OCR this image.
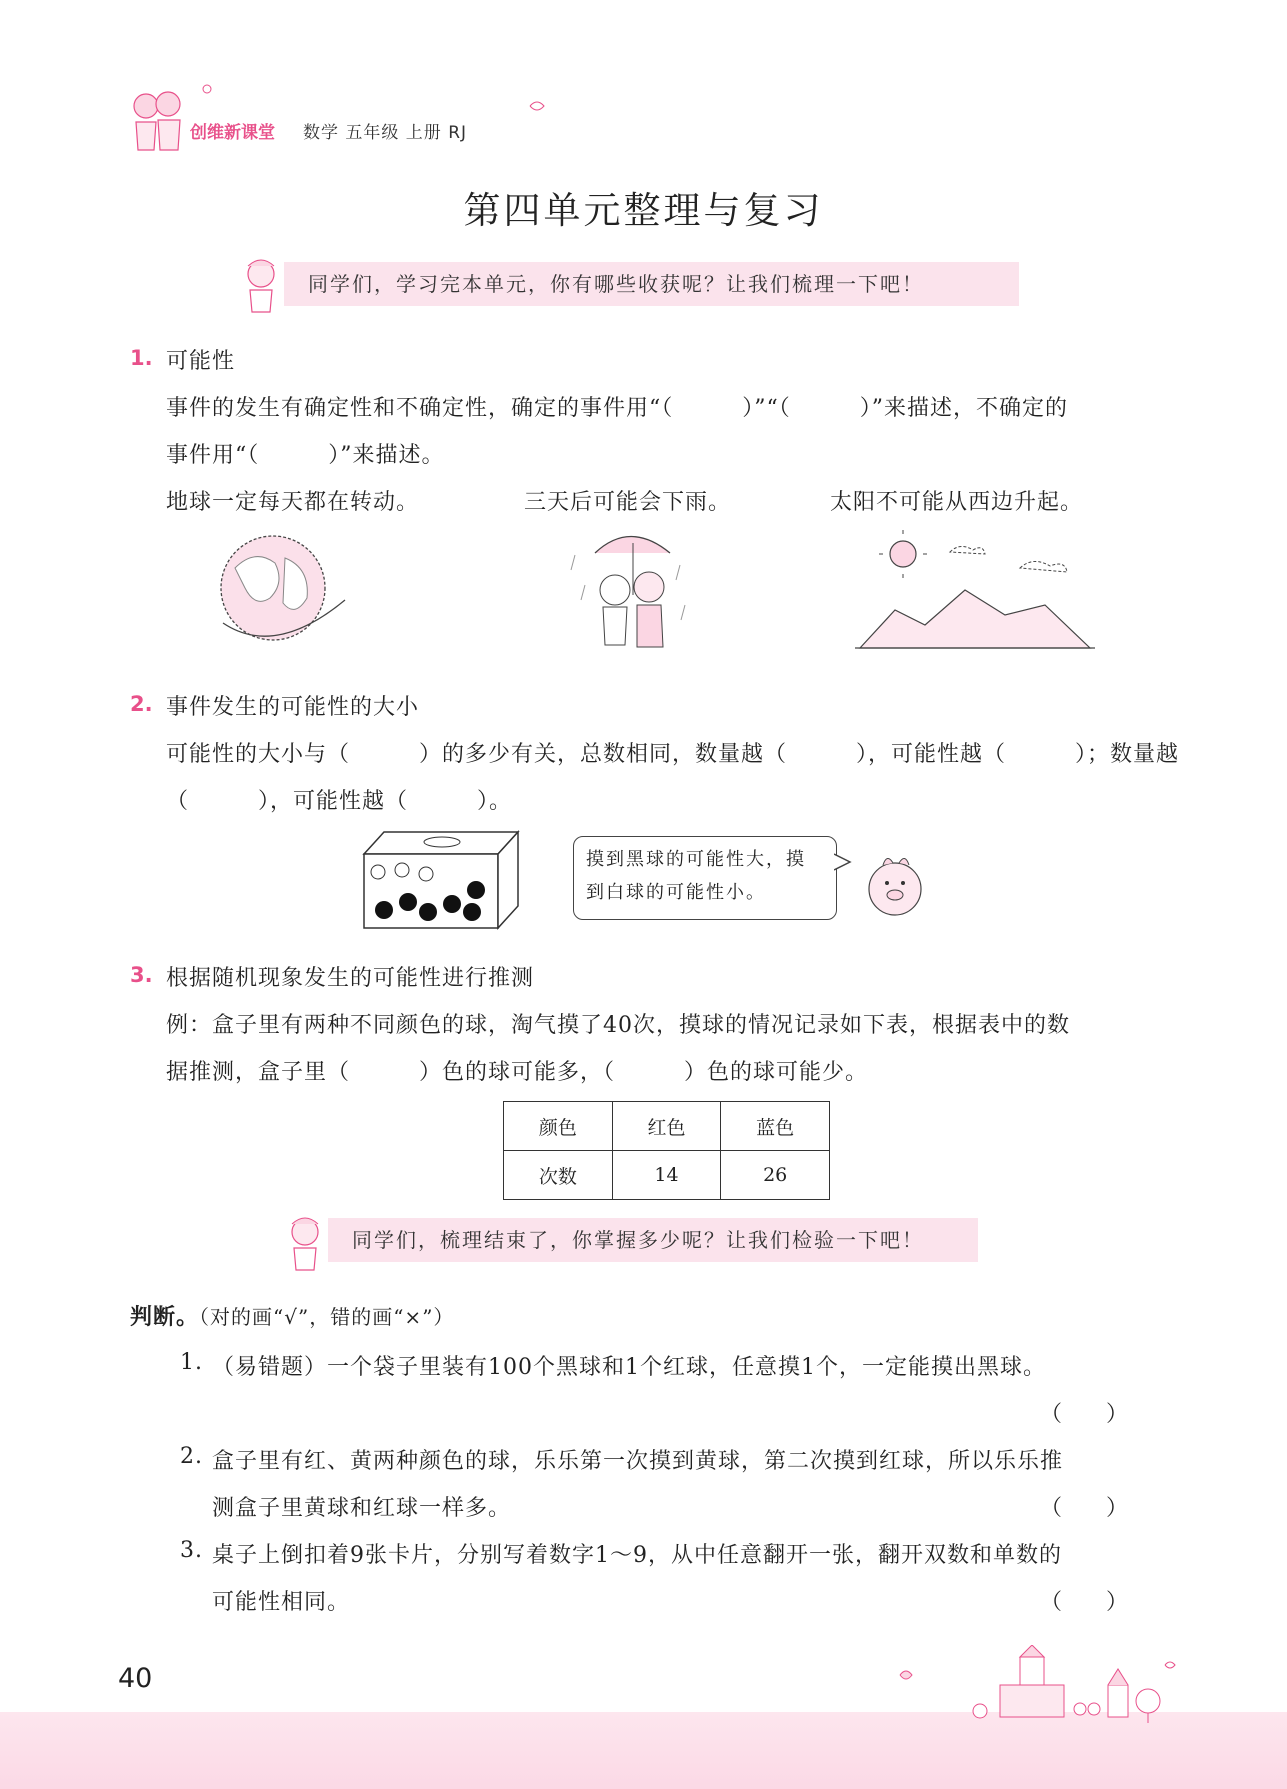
创维新课堂 数学 五年级 上册 RJ
第四单元整理与复习
同学们，学习完本单元，你有哪些收获呢？让我们梳理一下吧！
1. 可能性
事件的发生有确定性和不确定性，确定的事件用“（　　　）”“（　　　）”来描述，不确定的
事件用“（　　　）”来描述。
地球一定每天都在转动。	三天后可能会下雨。	太阳不可能从西边升起。
2. 事件发生的可能性的大小
可能性的大小与（　　　）的多少有关，总数相同，数量越（　　　），可能性越（　　　）；数量越
（　　　），可能性越（　　　）。
摸到黑球的可能性大，摸
到白球的可能性小。
3. 根据随机现象发生的可能性进行推测
例：盒子里有两种不同颜色的球，淘气摸了40次，摸球的情况记录如下表，根据表中的数
据推测，盒子里（　　　）色的球可能多，（　　　）色的球可能少。
颜色	红色	蓝色
次数	14	26
同学们，梳理结束了，你掌握多少呢？让我们检验一下吧！
判断。（对的画“√”，错的画“×”）
1. （易错题）一个袋子里装有100个黑球和1个红球，任意摸1个，一定能摸出黑球。
（　　）
2. 盒子里有红、黄两种颜色的球，乐乐第一次摸到黄球，第二次摸到红球，所以乐乐推
测盒子里黄球和红球一样多。	（　　）
3. 桌子上倒扣着9张卡片，分别写着数字1～9，从中任意翻开一张，翻开双数和单数的
可能性相同。	（　　）
40
